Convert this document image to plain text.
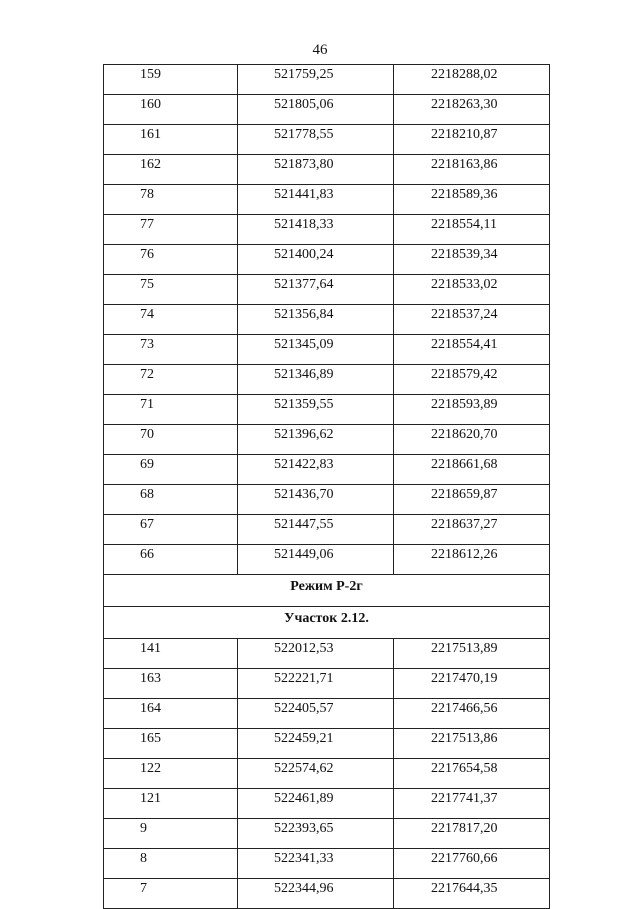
46
159	521759,25	2218288,02
160	521805,06	2218263,30
161	521778,55	2218210,87
162	521873,80	2218163,86
78	521441,83	2218589,36
77	521418,33	2218554,11
76	521400,24	2218539,34
75	521377,64	2218533,02
74	521356,84	2218537,24
73	521345,09	2218554,41
72	521346,89	2218579,42
71	521359,55	2218593,89
70	521396,62	2218620,70
69	521422,83	2218661,68
68	521436,70	2218659,87
67	521447,55	2218637,27
66	521449,06	2218612,26
Режим Р-2г		
Участок 2.12.		
141	522012,53	2217513,89
163	522221,71	2217470,19
164	522405,57	2217466,56
165	522459,21	2217513,86
122	522574,62	2217654,58
121	522461,89	2217741,37
9	522393,65	2217817,20
8	522341,33	2217760,66
7	522344,96	2217644,35
